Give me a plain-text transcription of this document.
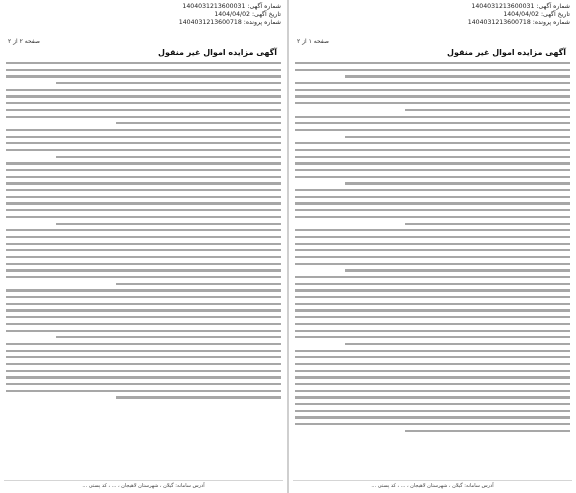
شماره آگهی: 1404031213600031
تاریخ آگهی: 1404/04/02
شماره پرونده: 1404031213600718
صفحه ۱ از ۲
آگهی مزایده اموال غیر منقول
آدرس سامانه: گیلان ، شهرستان لاهیجان ، ... ، کد پستی ...
شماره آگهی: 1404031213600031
تاریخ آگهی: 1404/04/02
شماره پرونده: 1404031213600718
صفحه ۲ از ۲
آگهی مزایده اموال غیر منقول
آدرس سامانه: گیلان ، شهرستان لاهیجان ، ... ، کد پستی ...
